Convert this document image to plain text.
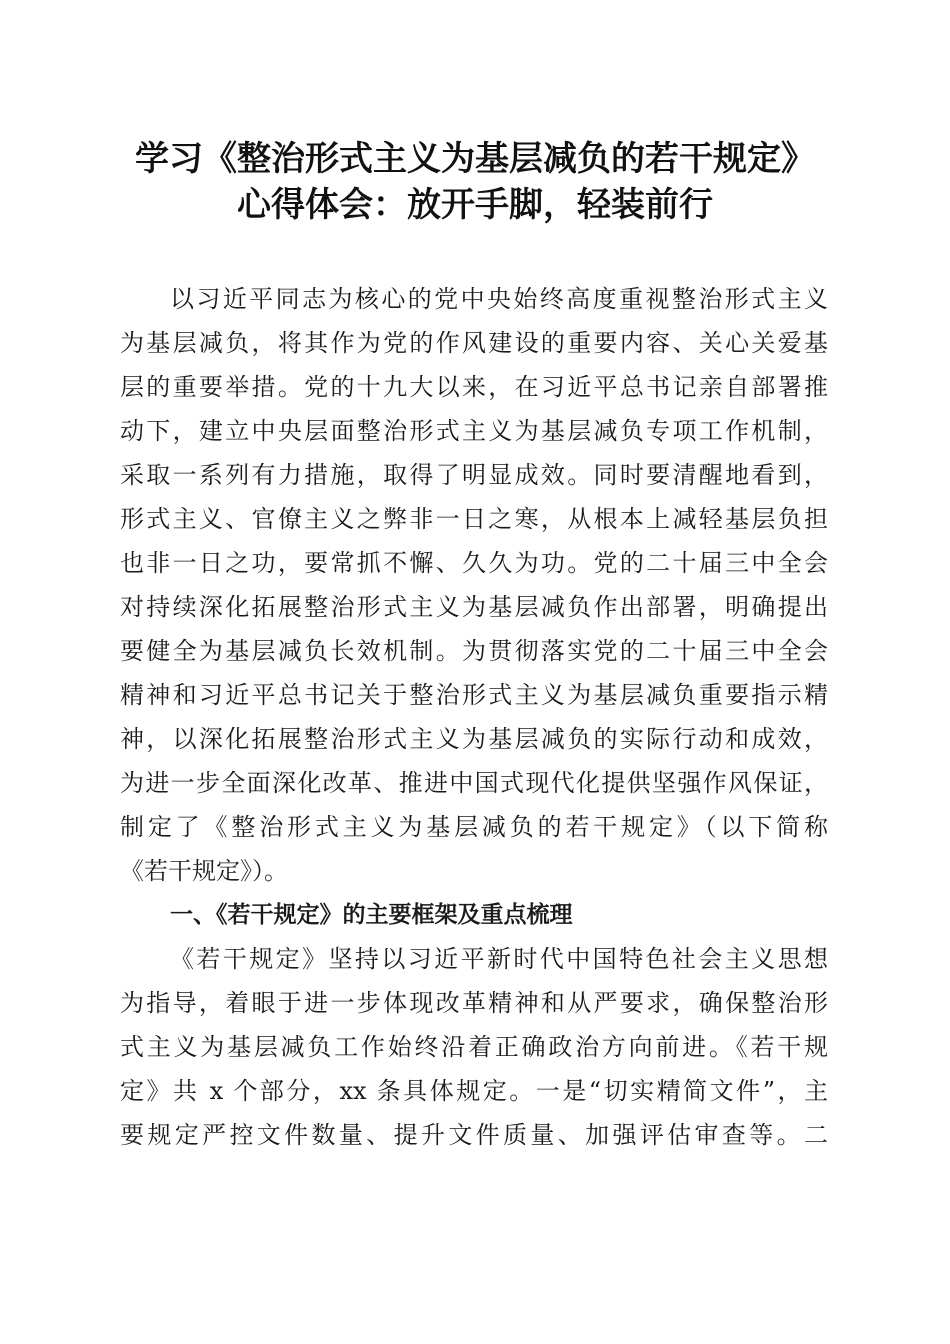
学习《整治形式主义为基层减负的若干规定》
心得体会：放开手脚，轻装前行
以习近平同志为核心的党中央始终高度重视整治形式主义
为基层减负，将其作为党的作风建设的重要内容、关心关爱基
层的重要举措。党的十九大以来，在习近平总书记亲自部署推
动下，建立中央层面整治形式主义为基层减负专项工作机制，
采取一系列有力措施，取得了明显成效。同时要清醒地看到，
形式主义、官僚主义之弊非一日之寒，从根本上减轻基层负担
也非一日之功，要常抓不懈、久久为功。党的二十届三中全会
对持续深化拓展整治形式主义为基层减负作出部署，明确提出
要健全为基层减负长效机制。为贯彻落实党的二十届三中全会
精神和习近平总书记关于整治形式主义为基层减负重要指示精
神，以深化拓展整治形式主义为基层减负的实际行动和成效，
为进一步全面深化改革、推进中国式现代化提供坚强作风保证，
制定了《整治形式主义为基层减负的若干规定》（以下简称
《若干规定》）。
一、《若干规定》的主要框架及重点梳理
《若干规定》坚持以习近平新时代中国特色社会主义思想
为指导，着眼于进一步体现改革精神和从严要求，确保整治形
式主义为基层减负工作始终沿着正确政治方向前进。《若干规
定》共 x 个部分，xx 条具体规定。一是“切实精简文件”，主
要规定严控文件数量、提升文件质量、加强评估审查等。二
